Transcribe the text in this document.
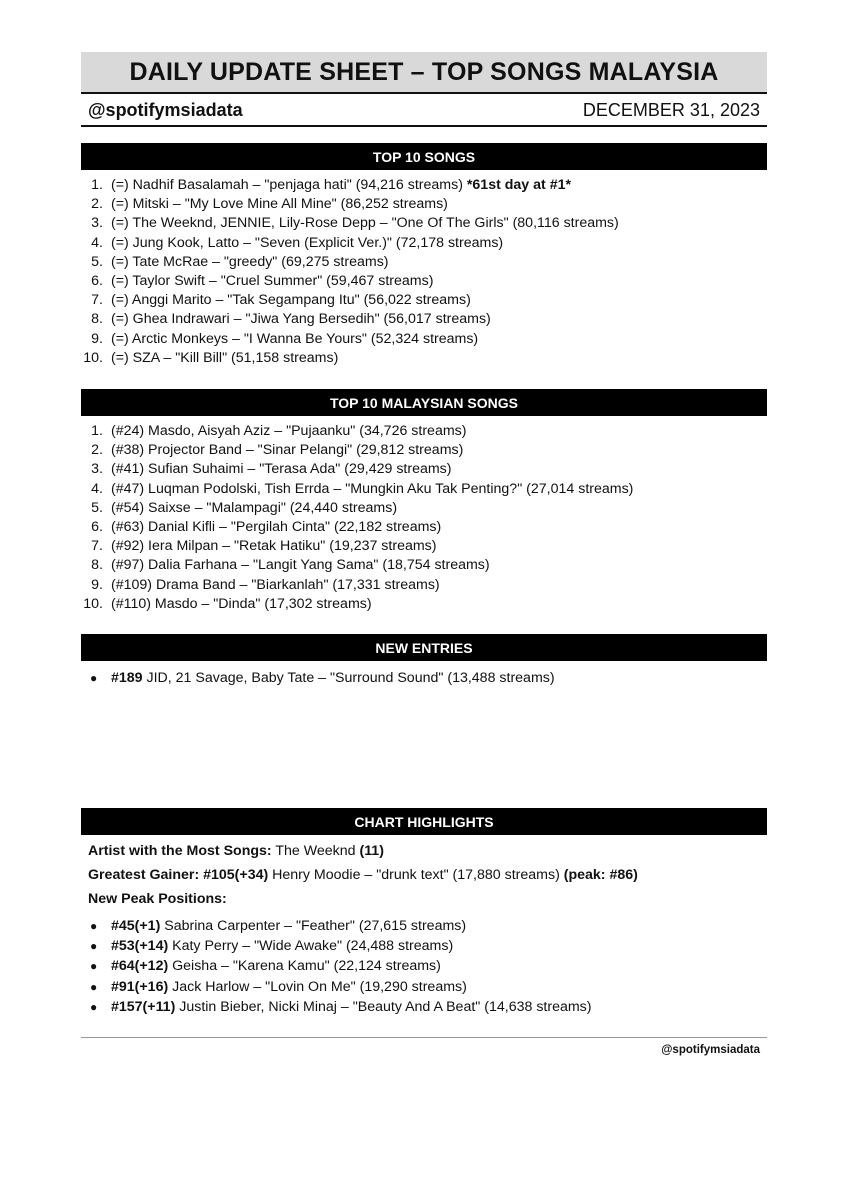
DAILY UPDATE SHEET – TOP SONGS MALAYSIA
@spotifymsiadata	DECEMBER 31, 2023
TOP 10 SONGS
1. (=) Nadhif Basalamah – "penjaga hati" (94,216 streams) *61st day at #1*
2. (=) Mitski – "My Love Mine All Mine" (86,252 streams)
3. (=) The Weeknd, JENNIE, Lily-Rose Depp – "One Of The Girls" (80,116 streams)
4. (=) Jung Kook, Latto – "Seven (Explicit Ver.)" (72,178 streams)
5. (=) Tate McRae – "greedy" (69,275 streams)
6. (=) Taylor Swift – "Cruel Summer" (59,467 streams)
7. (=) Anggi Marito – "Tak Segampang Itu" (56,022 streams)
8. (=) Ghea Indrawari – "Jiwa Yang Bersedih" (56,017 streams)
9. (=) Arctic Monkeys – "I Wanna Be Yours" (52,324 streams)
10. (=) SZA – "Kill Bill" (51,158 streams)
TOP 10 MALAYSIAN SONGS
1. (#24) Masdo, Aisyah Aziz – "Pujaanku" (34,726 streams)
2. (#38) Projector Band – "Sinar Pelangi" (29,812 streams)
3. (#41) Sufian Suhaimi – "Terasa Ada" (29,429 streams)
4. (#47) Luqman Podolski, Tish Errda – "Mungkin Aku Tak Penting?" (27,014 streams)
5. (#54) Saixse – "Malampagi" (24,440 streams)
6. (#63) Danial Kifli – "Pergilah Cinta" (22,182 streams)
7. (#92) Iera Milpan – "Retak Hatiku" (19,237 streams)
8. (#97) Dalia Farhana – "Langit Yang Sama" (18,754 streams)
9. (#109) Drama Band – "Biarkanlah" (17,331 streams)
10. (#110) Masdo – "Dinda" (17,302 streams)
NEW ENTRIES
● #189 JID, 21 Savage, Baby Tate – "Surround Sound" (13,488 streams)
CHART HIGHLIGHTS
Artist with the Most Songs: The Weeknd (11)
Greatest Gainer: #105(+34) Henry Moodie – "drunk text" (17,880 streams) (peak: #86)
New Peak Positions:
● #45(+1) Sabrina Carpenter – "Feather" (27,615 streams)
● #53(+14) Katy Perry – "Wide Awake" (24,488 streams)
● #64(+12) Geisha – "Karena Kamu" (22,124 streams)
● #91(+16) Jack Harlow – "Lovin On Me" (19,290 streams)
● #157(+11) Justin Bieber, Nicki Minaj – "Beauty And A Beat" (14,638 streams)
@spotifymsiadata
